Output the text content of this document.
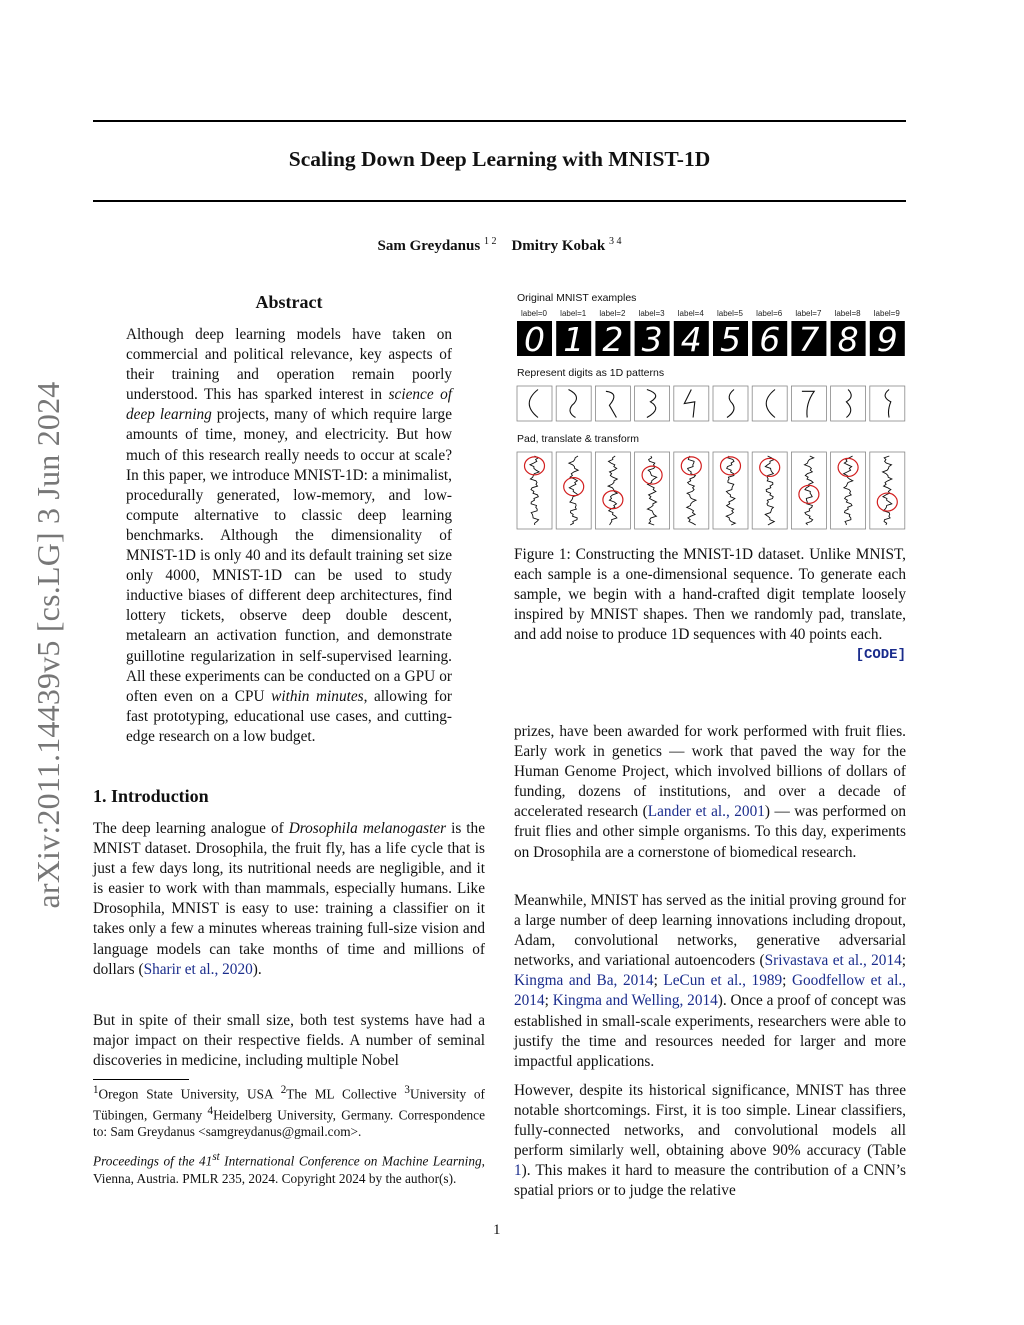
Scaling Down Deep Learning with MNIST-1D
Sam Greydanus $^{1 2}$ Dmitry Kobak $^{3 4}$
arXiv:2011.14439v5 [cs.LG] 3 Jun 2024
Abstract
Although deep learning models have taken on commercial and political relevance, key aspects of their training and operation remain poorly understood. This has sparked interest in science of deep learning projects, many of which require large amounts of time, money, and electricity. But how much of this research really needs to occur at scale? In this paper, we introduce MNIST-1D: a minimalist, procedurally generated, low-memory, and low-compute alternative to classic deep learning benchmarks. Although the dimensionality of MNIST-1D is only 40 and its default training set size only 4000, MNIST-1D can be used to study inductive biases of different deep architectures, find lottery tickets, observe deep double descent, metalearn an activation function, and demonstrate guillotine regularization in self-supervised learning. All these experiments can be conducted on a GPU or often even on a CPU within minutes, allowing for fast prototyping, educational use cases, and cutting-edge research on a low budget.
1. Introduction
The deep learning analogue of Drosophila melanogaster is the MNIST dataset. Drosophila, the fruit fly, has a life cycle that is just a few days long, its nutritional needs are negligible, and it is easier to work with than mammals, especially humans. Like Drosophila, MNIST is easy to use: training a classifier on it takes only a few a minutes whereas training full-size vision and language models can take months of time and millions of dollars (Sharir et al., 2020).
But in spite of their small size, both test systems have had a major impact on their respective fields. A number of seminal discoveries in medicine, including multiple Nobel
$^1$Oregon State University, USA $^2$The ML Collective $^3$University of Tübingen, Germany $^4$Heidelberg University, Germany. Correspondence to: Sam Greydanus <samgreydanus@gmail.com>.
Proceedings of the 41st International Conference on Machine Learning, Vienna, Austria. PMLR 235, 2024. Copyright 2024 by the author(s).
Original MNIST examples
label=0 label=1 label=2 label=3 label=4 label=5 label=6 label=7 label=8 label=9
0 1 2 3 4 5 6 7 8 9
Represent digits as 1D patterns
Pad, translate & transform
Figure 1: Constructing the MNIST-1D dataset. Unlike MNIST, each sample is a one-dimensional sequence. To generate each sample, we begin with a hand-crafted digit template loosely inspired by MNIST shapes. Then we randomly pad, translate, and add noise to produce 1D sequences with 40 points each.
[CODE]
prizes, have been awarded for work performed with fruit flies. Early work in genetics — work that paved the way for the Human Genome Project, which involved billions of dollars of funding, dozens of institutions, and over a decade of accelerated research (Lander et al., 2001) — was performed on fruit flies and other simple organisms. To this day, experiments on Drosophila are a cornerstone of biomedical research.
Meanwhile, MNIST has served as the initial proving ground for a large number of deep learning innovations including dropout, Adam, convolutional networks, generative adversarial networks, and variational autoencoders (Srivastava et al., 2014; Kingma and Ba, 2014; LeCun et al., 1989; Goodfellow et al., 2014; Kingma and Welling, 2014). Once a proof of concept was established in small-scale experiments, researchers were able to justify the time and resources needed for larger and more impactful applications.
However, despite its historical significance, MNIST has three notable shortcomings. First, it is too simple. Linear classifiers, fully-connected networks, and convolutional models all perform similarly well, obtaining above 90% accuracy (Table 1). This makes it hard to measure the contribution of a CNN’s spatial priors or to judge the relative
1
